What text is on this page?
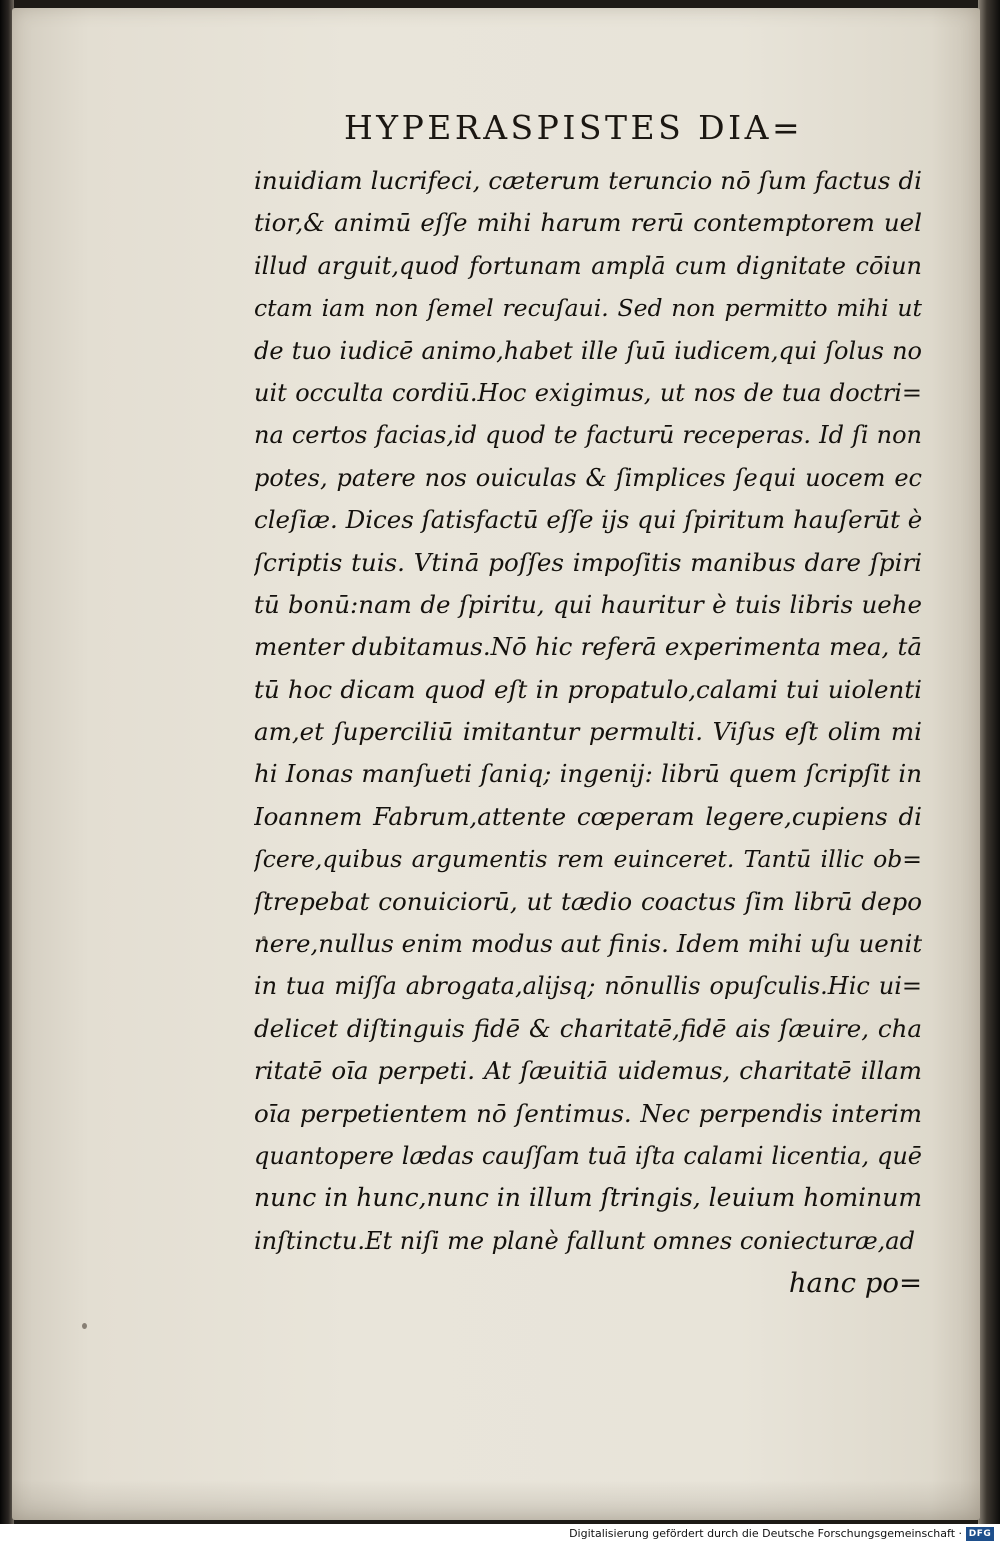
HYPERASPISTES DIA=
inuidiam lucrifeci, cæterum teruncio nō ſum factus di
tior,& animū eſſe mihi harum rerū contemptorem uel
illud arguit,quod fortunam amplā cum dignitate cōiun
ctam iam non ſemel recuſaui. Sed non permitto mihi ut
de tuo iudicē animo,habet ille ſuū iudicem,qui ſolus no
uit occulta cordiū.Hoc exigimus, ut nos de tua doctri=
na certos facias,id quod te facturū receperas. Id ſi non
potes, patere nos ouiculas & ſimplices ſequi uocem ec
cleſiæ. Dices ſatisfactū eſſe ijs qui ſpiritum hauſerūt è
ſcriptis tuis. Vtinā poſſes impoſitis manibus dare ſpiri
tū bonū:nam de ſpiritu, qui hauritur è tuis libris uehe
menter dubitamus.Nō hic referā experimenta mea, tā
tū hoc dicam quod eſt in propatulo,calami tui uiolenti
am,et ſuperciliū imitantur permulti. Viſus eſt olim mi
hi Ionas manſueti ſaniq; ingenij: librū quem ſcripſit in
Ioannem Fabrum,attente cœperam legere,cupiens di
ſcere,quibus argumentis rem euinceret. Tantū illic ob=
ſtrepebat conuiciorū, ut tædio coactus ſim librū depo
nere,nullus enim modus aut finis. Idem mihi uſu uenit
in tua miſſa abrogata,alijsq; nōnullis opuſculis.Hic ui=
delicet diſtinguis fidē & charitatē,fidē ais ſæuire, cha
ritatē oīa perpeti. At ſæuitiā uidemus, charitatē illam
oīa perpetientem nō ſentimus. Nec perpendis interim
quantopere lædas cauſſam tuā iſta calami licentia, quē
nunc in hunc,nunc in illum ſtringis, leuium hominum
inſtinctu.Et niſi me planè fallunt omnes coniecturæ,ad
hanc po=
Digitalisierung gefördert durch die Deutsche Forschungsgemeinschaft · DFG
